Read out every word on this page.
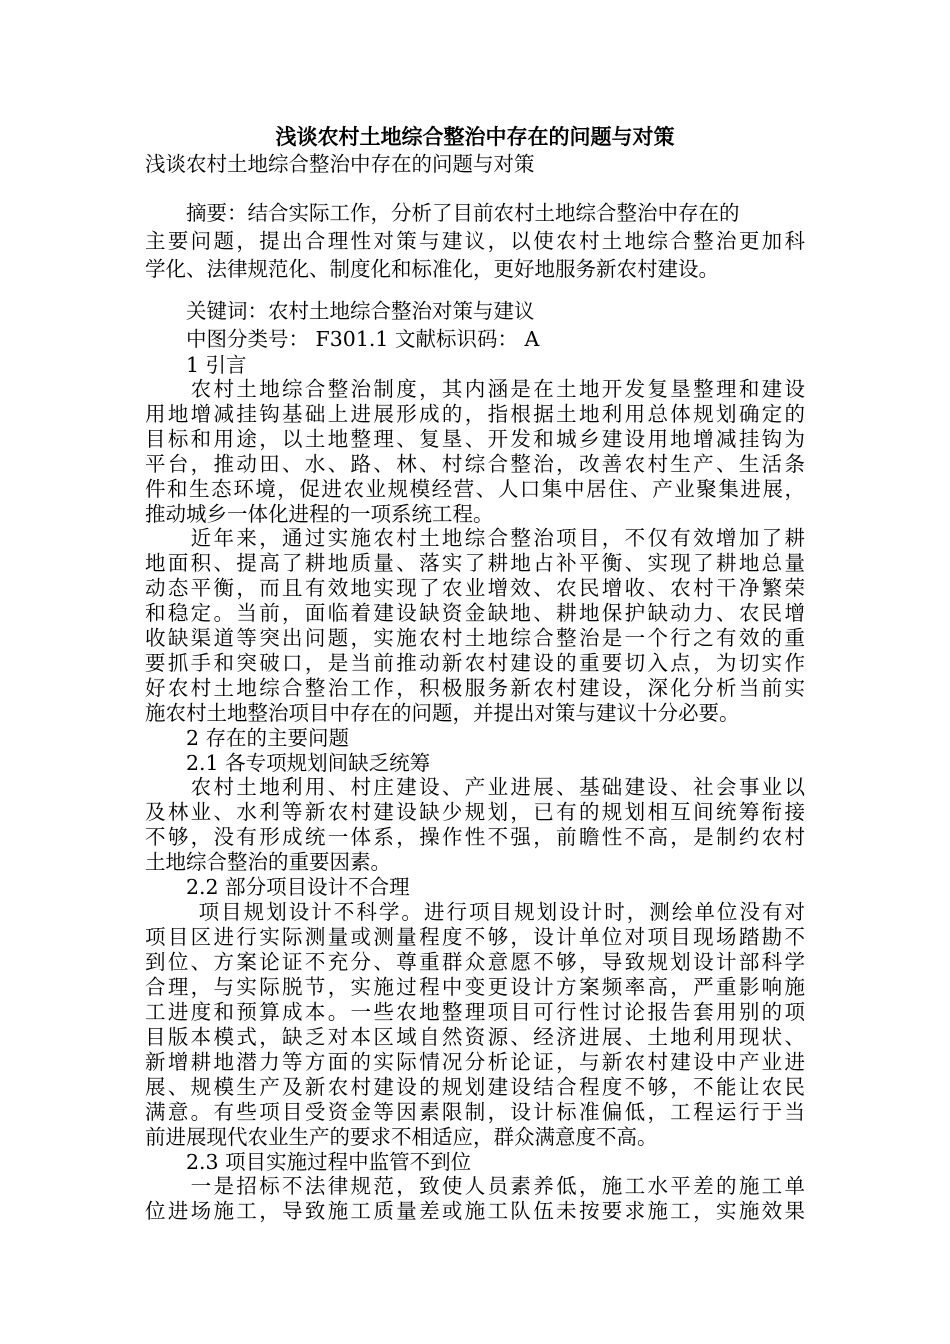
浅谈农村土地综合整治中存在的问题与对策
浅谈农村土地综合整治中存在的问题与对策
　　摘要：结合实际工作，分析了目前农村土地综合整治中存在的
主要问题，提出合理性对策与建议，以使农村土地综合整治更加科
学化、法律规范化、制度化和标准化，更好地服务新农村建设。
　　关键词：农村土地综合整治对策与建议
　　中图分类号： F301.1 文献标识码： A
　　1 引言
　　农村土地综合整治制度，其内涵是在土地开发复垦整理和建设
用地增减挂钩基础上进展形成的，指根据土地利用总体规划确定的
目标和用途，以土地整理、复垦、开发和城乡建设用地增减挂钩为
平台，推动田、水、路、林、村综合整治，改善农村生产、生活条
件和生态环境，促进农业规模经营、人口集中居住、产业聚集进展，
推动城乡一体化进程的一项系统工程。
　　近年来，通过实施农村土地综合整治项目，不仅有效增加了耕
地面积、提高了耕地质量、落实了耕地占补平衡、实现了耕地总量
动态平衡，而且有效地实现了农业增效、农民增收、农村干净繁荣
和稳定。当前，面临着建设缺资金缺地、耕地保护缺动力、农民增
收缺渠道等突出问题，实施农村土地综合整治是一个行之有效的重
要抓手和突破口，是当前推动新农村建设的重要切入点，为切实作
好农村土地综合整治工作，积极服务新农村建设，深化分析当前实
施农村土地整治项目中存在的问题，并提出对策与建议十分必要。
　　2 存在的主要问题
　　2.1 各专项规划间缺乏统筹
　　农村土地利用、村庄建设、产业进展、基础建设、社会事业以
及林业、水利等新农村建设缺少规划，已有的规划相互间统筹衔接
不够，没有形成统一体系，操作性不强，前瞻性不高，是制约农村
土地综合整治的重要因素。
　　2.2 部分项目设计不合理
　　 项目规划设计不科学。进行项目规划设计时，测绘单位没有对
项目区进行实际测量或测量程度不够，设计单位对项目现场踏勘不
到位、方案论证不充分、尊重群众意愿不够，导致规划设计部科学
合理，与实际脱节，实施过程中变更设计方案频率高，严重影响施
工进度和预算成本。一些农地整理项目可行性讨论报告套用别的项
目版本模式，缺乏对本区域自然资源、经济进展、土地利用现状、
新增耕地潜力等方面的实际情况分析论证，与新农村建设中产业进
展、规模生产及新农村建设的规划建设结合程度不够，不能让农民
满意。有些项目受资金等因素限制，设计标准偏低，工程运行于当
前进展现代农业生产的要求不相适应，群众满意度不高。
　　2.3 项目实施过程中监管不到位
　　一是招标不法律规范，致使人员素养低，施工水平差的施工单
位进场施工，导致施工质量差或施工队伍未按要求施工，实施效果
